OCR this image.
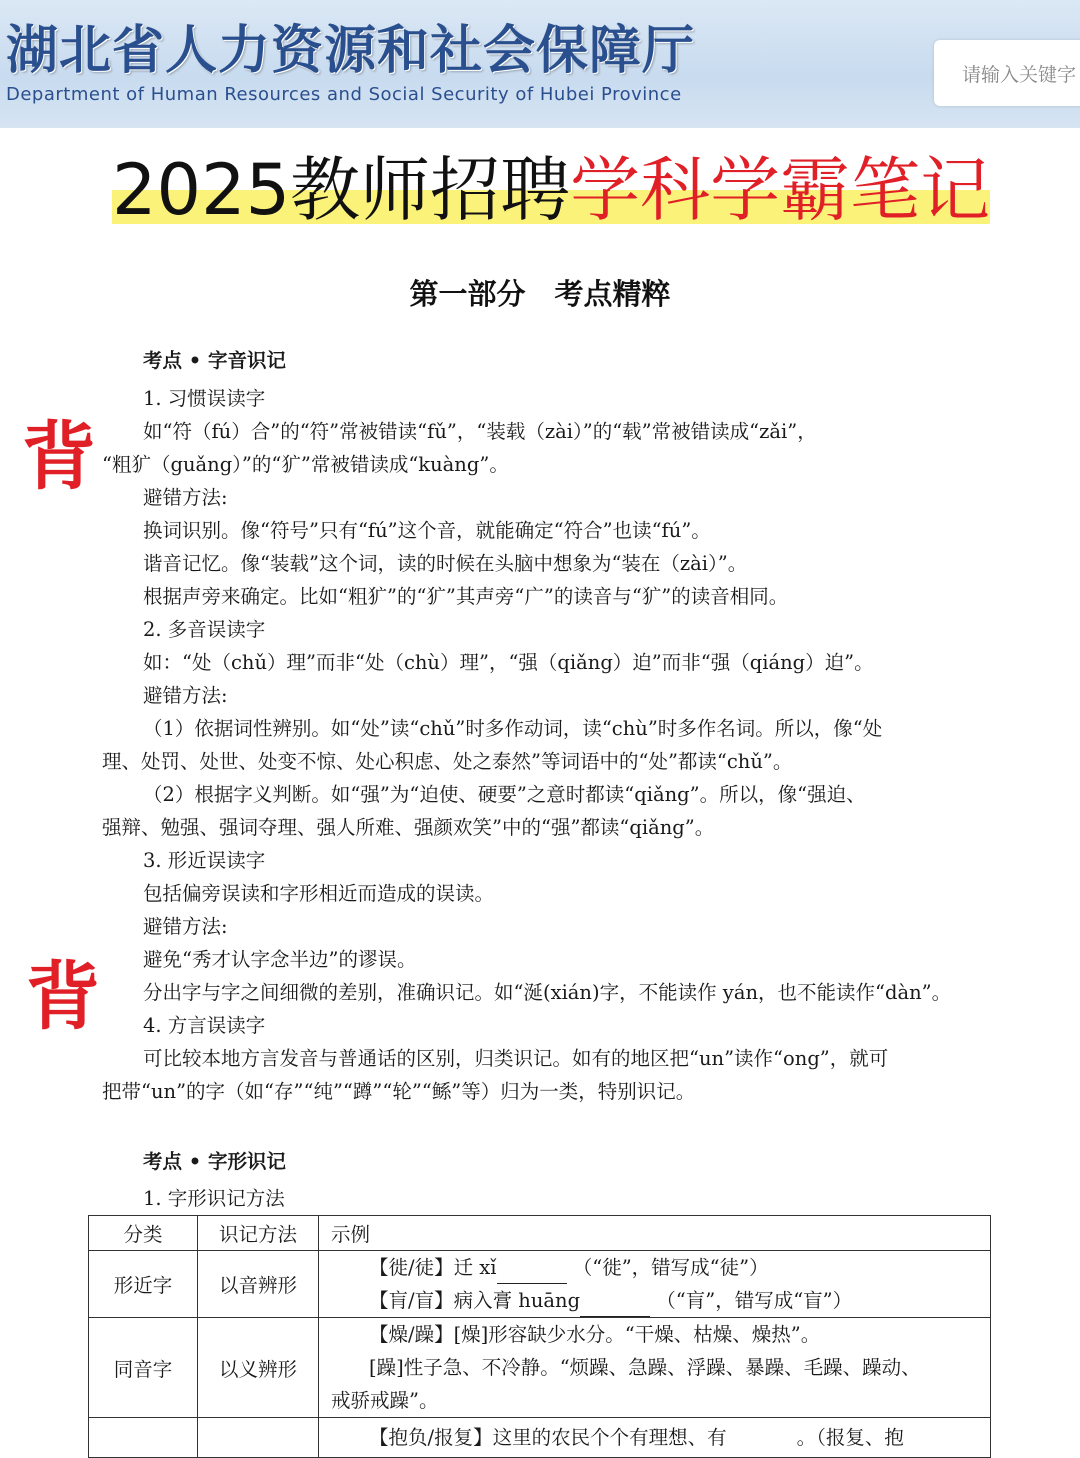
湖北省人力资源和社会保障厅
Department of Human Resources and Social Security of Hubei Province
请输入关键字
2025教师招聘学科学霸笔记
第一部分　考点精粹
背
背
考点 • 字音识记
1. 习惯误读字
如“符（fú）合”的“符”常被错读“fǔ”，“装载（zài）”的“载”常被错读成“zǎi”，
“粗犷（guǎng）”的“犷”常被错读成“kuàng”。
避错方法:
换词识别。像“符号”只有“fú”这个音，就能确定“符合”也读“fú”。
谐音记忆。像“装载”这个词，读的时候在头脑中想象为“装在（zài）”。
根据声旁来确定。比如“粗犷”的“犷”其声旁“广”的读音与“犷”的读音相同。
2. 多音误读字
如：“处（chǔ）理”而非“处（chù）理”，“强（qiǎng）迫”而非“强（qiáng）迫”。
避错方法:
（1）依据词性辨别。如“处”读“chǔ”时多作动词，读“chù”时多作名词。所以，像“处
理、处罚、处世、处变不惊、处心积虑、处之泰然”等词语中的“处”都读“chǔ”。
（2）根据字义判断。如“强”为“迫使、硬要”之意时都读“qiǎng”。所以，像“强迫、
强辩、勉强、强词夺理、强人所难、强颜欢笑”中的“强”都读“qiǎng”。
3. 形近误读字
包括偏旁误读和字形相近而造成的误读。
避错方法:
避免“秀才认字念半边”的谬误。
分出字与字之间细微的差别，准确识记。如“涎(xián)字，不能读作 yán，也不能读作“dàn”。
4. 方言误读字
可比较本地方言发音与普通话的区别，归类识记。如有的地区把“un”读作“ong”，就可
把带“un”的字（如“存”“纯”“蹲”“轮”“鲧”等）归为一类，特别识记。
考点 • 字形识记
1. 字形识记方法
分类	识记方法	示例
形近字	以音辨形	【徙/徒】迁 xǐ （“徙”，错写成“徒”）
【肓/盲】病入膏 huāng （“肓”，错写成“盲”）

同音字	以义辨形	【燥/躁】[燥]形容缺少水分。“干燥、枯燥、燥热”。
[躁]性子急、不冷静。“烦躁、急躁、浮躁、暴躁、毛躁、躁动、
戒骄戒躁”。

		【抱负/报复】这里的农民个个有理想、有 。（报复、抱
